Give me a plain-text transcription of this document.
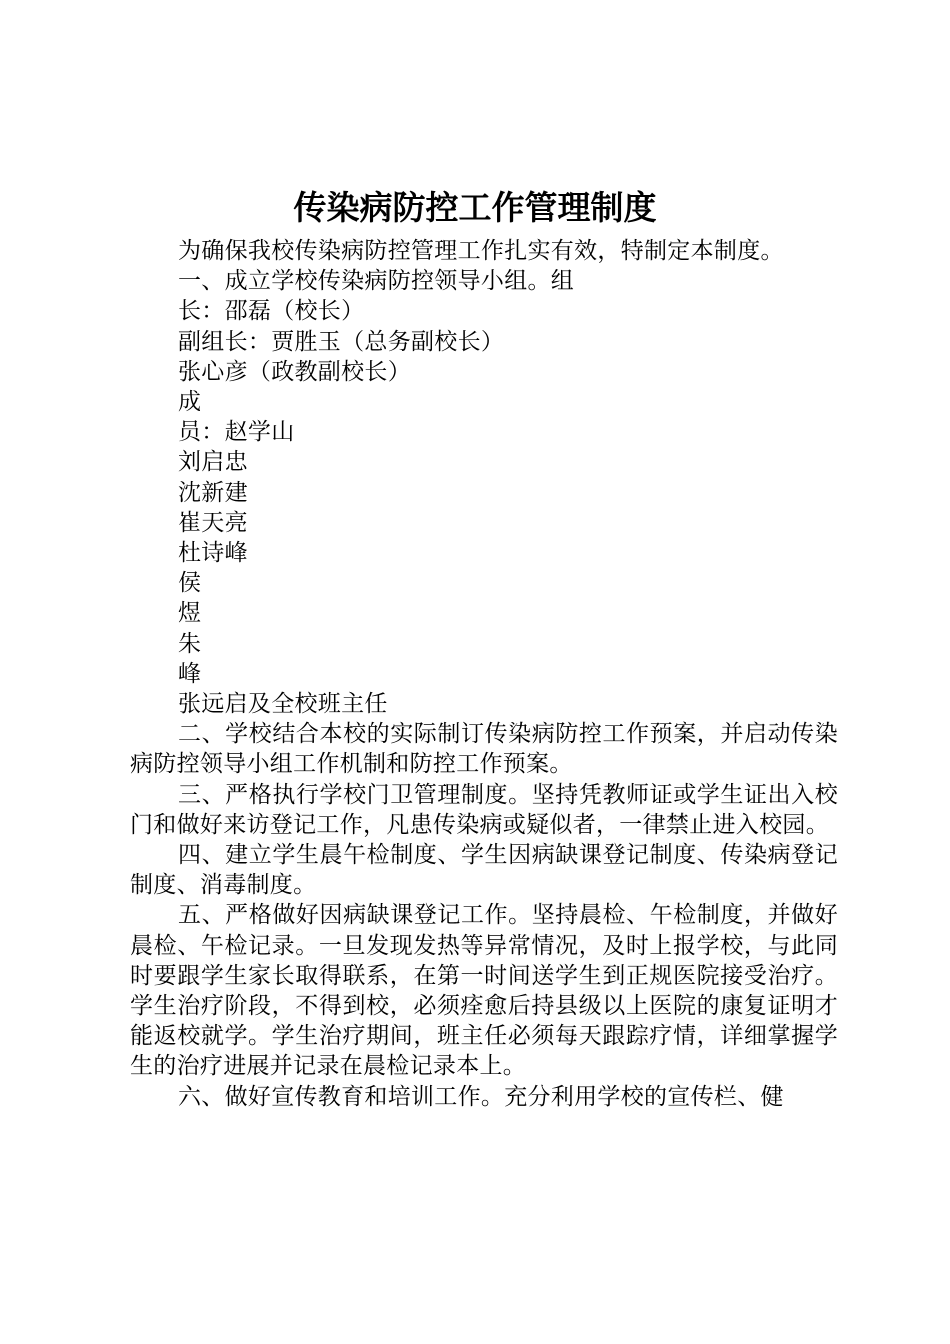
传染病防控工作管理制度
为确保我校传染病防控管理工作扎实有效，特制定本制度。
一、成立学校传染病防控领导小组。组
长：邵磊（校长）
副组长：贾胜玉（总务副校长）
张心彦（政教副校长）
成
员：赵学山
刘启忠
沈新建
崔天亮
杜诗峰
侯
煜
朱
峰
张远启及全校班主任

二、学校结合本校的实际制订传染病防控工作预案，并启动传染病防控领导小组工作机制和防控工作预案。

三、严格执行学校门卫管理制度。坚持凭教师证或学生证出入校门和做好来访登记工作，凡患传染病或疑似者，一律禁止进入校园。

四、建立学生晨午检制度、学生因病缺课登记制度、传染病登记制度、消毒制度。

五、严格做好因病缺课登记工作。坚持晨检、午检制度，并做好晨检、午检记录。一旦发现发热等异常情况，及时上报学校，与此同时要跟学生家长取得联系，在第一时间送学生到正规医院接受治疗。学生治疗阶段，不得到校，必须痊愈后持县级以上医院的康复证明才能返校就学。学生治疗期间，班主任必须每天跟踪疗情，详细掌握学生的治疗进展并记录在晨检记录本上。

六、做好宣传教育和培训工作。充分利用学校的宣传栏、健
